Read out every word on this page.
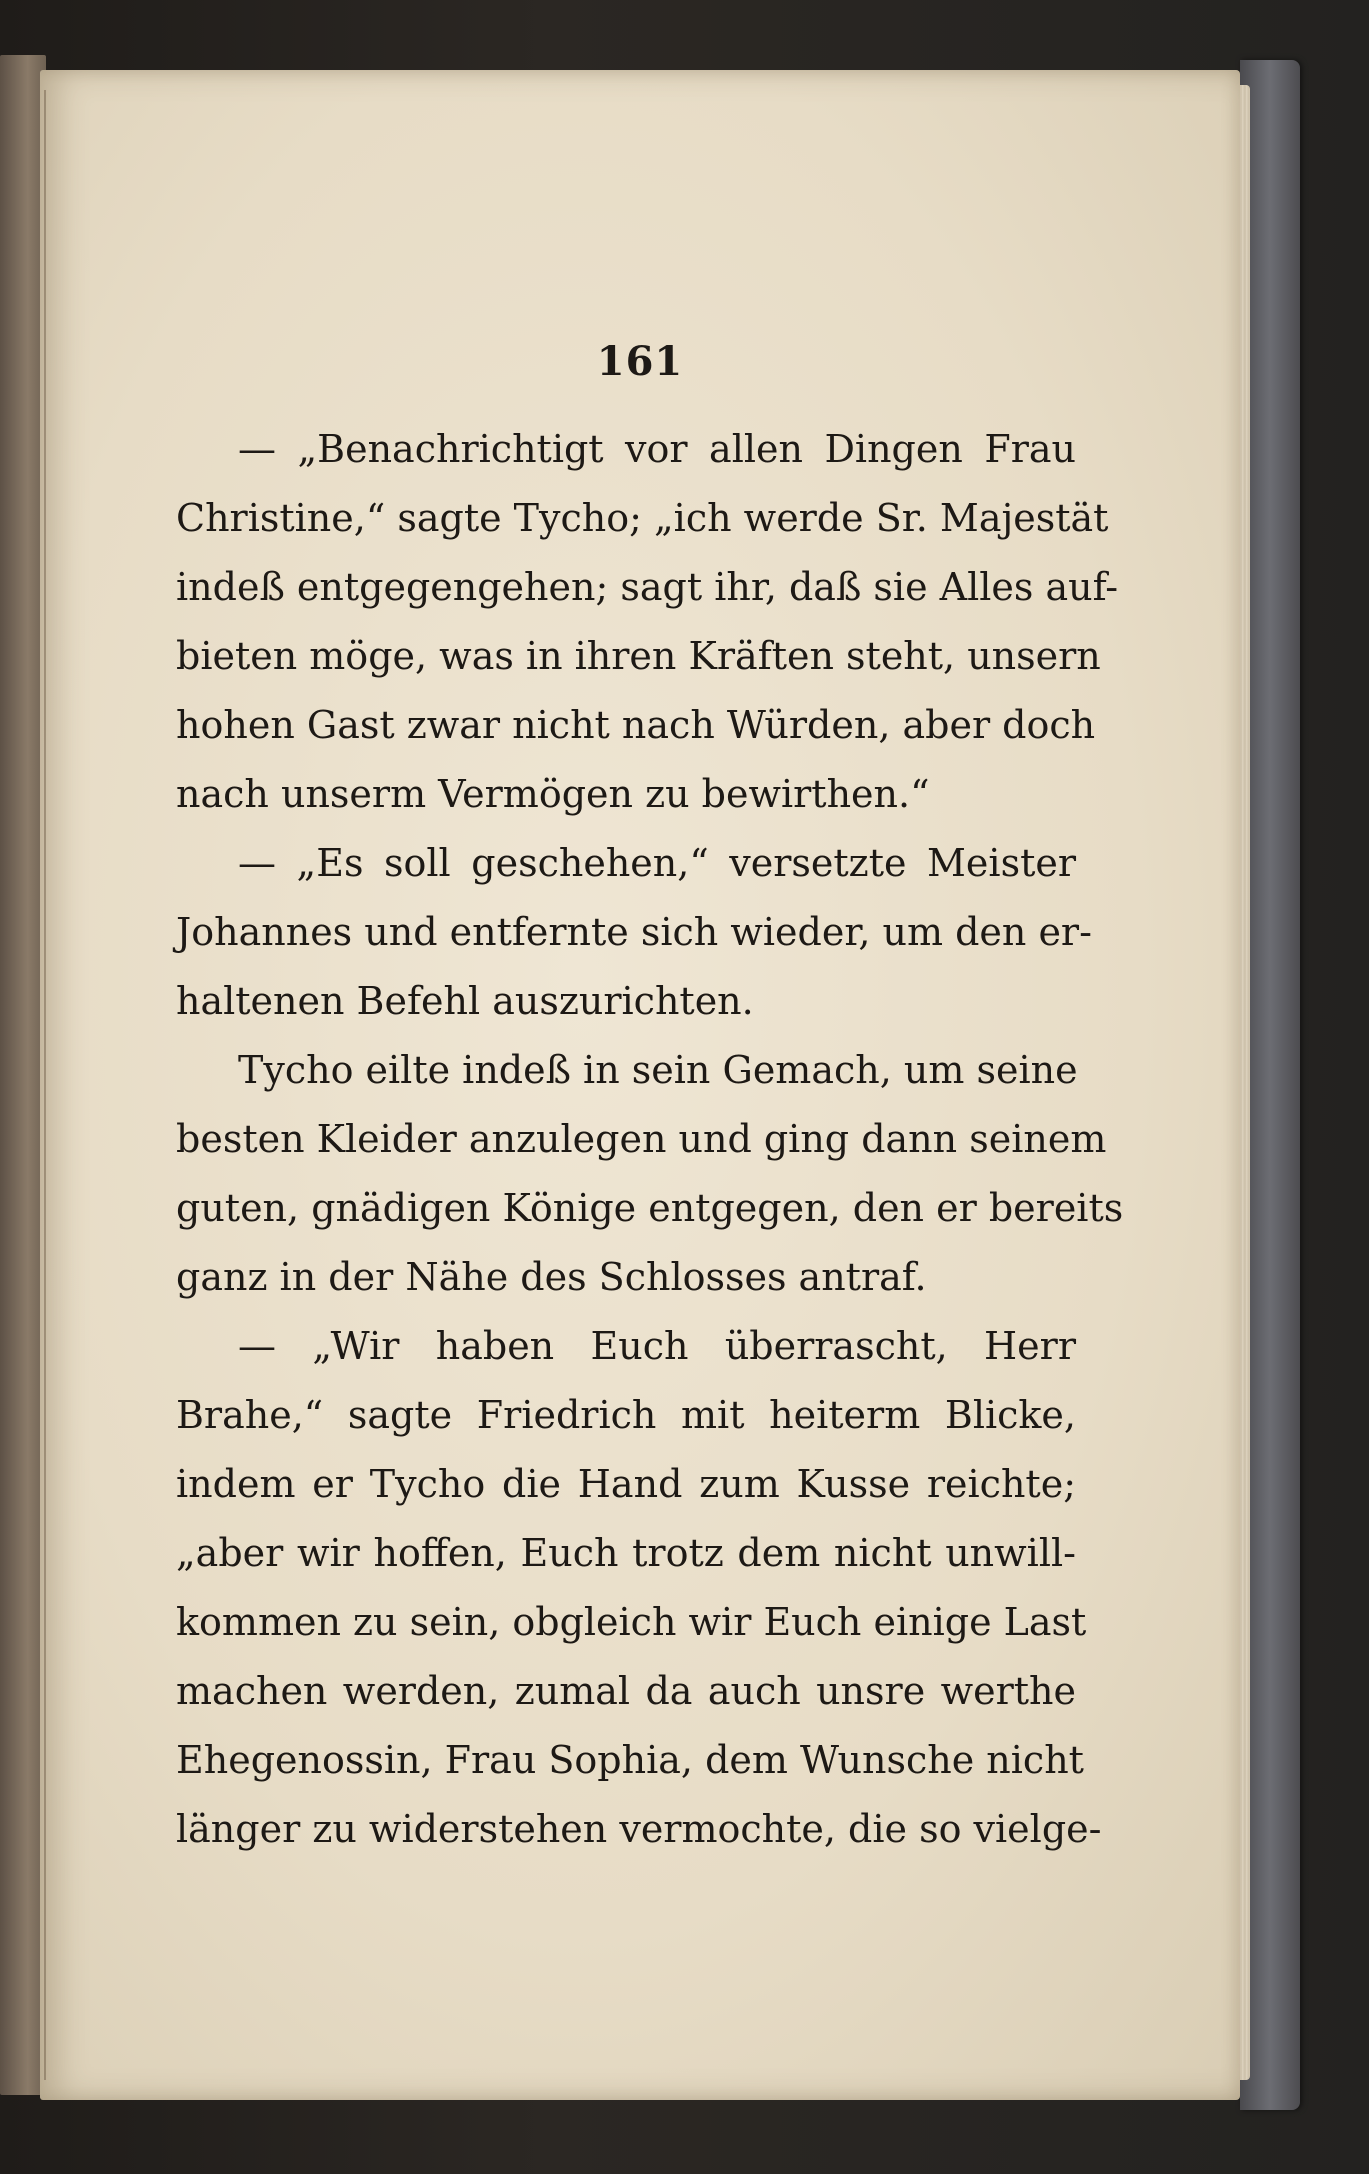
161
— „Benachrichtigt vor allen Dingen Frau
Christine,“ sagte Tycho; „ich werde Sr. Majestät
indeß entgegengehen; sagt ihr, daß sie Alles auf-
bieten möge, was in ihren Kräften steht, unsern
hohen Gast zwar nicht nach Würden, aber doch
nach unserm Vermögen zu bewirthen.“
— „Es soll geschehen,“ versetzte Meister
Johannes und entfernte sich wieder, um den er-
haltenen Befehl auszurichten.
Tycho eilte indeß in sein Gemach, um seine
besten Kleider anzulegen und ging dann seinem
guten, gnädigen Könige entgegen, den er bereits
ganz in der Nähe des Schlosses antraf.
— „Wir haben Euch überrascht, Herr
Brahe,“ sagte Friedrich mit heiterm Blicke,
indem er Tycho die Hand zum Kusse reichte;
„aber wir hoffen, Euch trotz dem nicht unwill-
kommen zu sein, obgleich wir Euch einige Last
machen werden, zumal da auch unsre werthe
Ehegenossin, Frau Sophia, dem Wunsche nicht
länger zu widerstehen vermochte, die so vielge-
